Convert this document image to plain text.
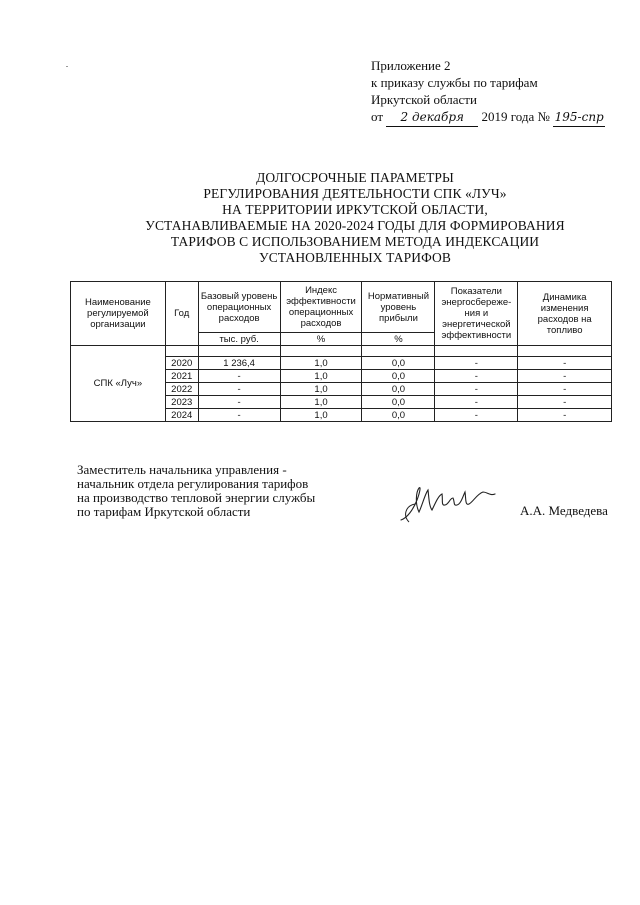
Приложение 2
к приказу службы по тарифам
Иркутской области
от 2 декабря 2019 года № 195-спр
ДОЛГОСРОЧНЫЕ ПАРАМЕТРЫ
РЕГУЛИРОВАНИЯ ДЕЯТЕЛЬНОСТИ СПК «ЛУЧ»
НА ТЕРРИТОРИИ ИРКУТСКОЙ ОБЛАСТИ,
УСТАНАВЛИВАЕМЫЕ НА 2020-2024 ГОДЫ ДЛЯ ФОРМИРОВАНИЯ
ТАРИФОВ С ИСПОЛЬЗОВАНИЕМ МЕТОДА ИНДЕКСАЦИИ
УСТАНОВЛЕННЫХ ТАРИФОВ
Наименование регулируемой организации	Год	Базовый уровень операционных расходов	Индекс эффективности операционных расходов	Нормативный уровень прибыли	Показатели энергосбереже-ния и энергетической эффективности	Динамика изменения расходов на топливо
		тыс. руб.	%	%		
СПК «Луч»						
	2020	1 236,4	1,0	0,0	-	-
	2021	-	1,0	0,0	-	-
	2022	-	1,0	0,0	-	-
	2023	-	1,0	0,0	-	-
	2024	-	1,0	0,0	-	-
Заместитель начальника управления -
начальник отдела регулирования тарифов
на производство тепловой энергии службы
по тарифам Иркутской области	А.А. Медведева
